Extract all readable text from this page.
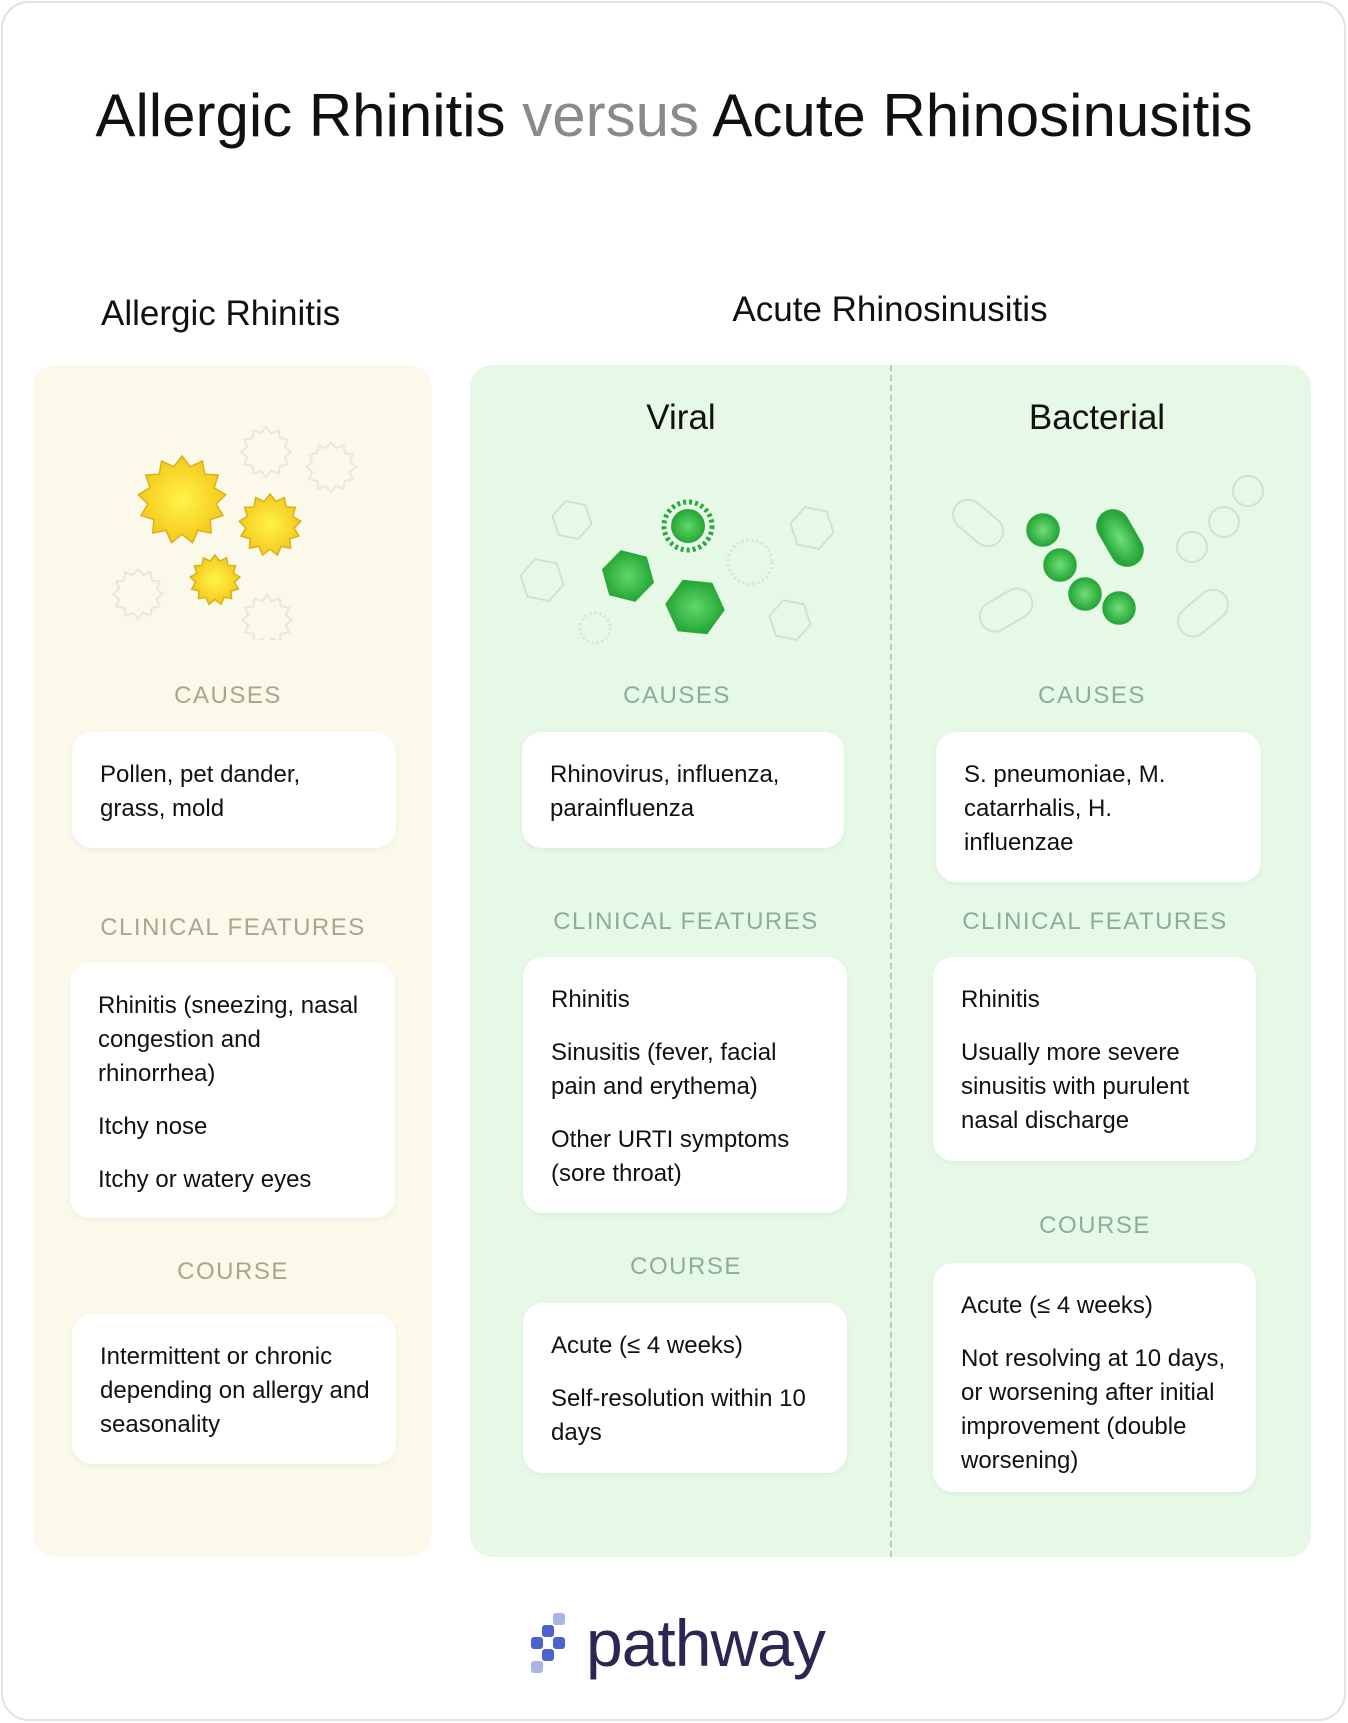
Allergic Rhinitis versus Acute Rhinosinusitis
Allergic Rhinitis	Acute Rhinosinusitis
Viral	Bacterial
CAUSES

Pollen, pet dander, grass, mold

CLINICAL FEATURES

Rhinitis (sneezing, nasal congestion and rhinorrhea)

Itchy nose

Itchy or watery eyes

COURSE

Intermittent or chronic depending on allergy and seasonality

CAUSES

Rhinovirus, influenza, parainfluenza

CLINICAL FEATURES

Rhinitis

Sinusitis (fever, facial pain and erythema)

Other URTI symptoms (sore throat)

COURSE

Acute (≤ 4 weeks)

Self-resolution within 10 days

CAUSES

S. pneumoniae, M. catarrhalis, H. influenzae

CLINICAL FEATURES

Rhinitis

Usually more severe sinusitis with purulent nasal discharge

COURSE

Acute (≤ 4 weeks)

Not resolving at 10 days, or worsening after initial improvement (double worsening)

pathway
